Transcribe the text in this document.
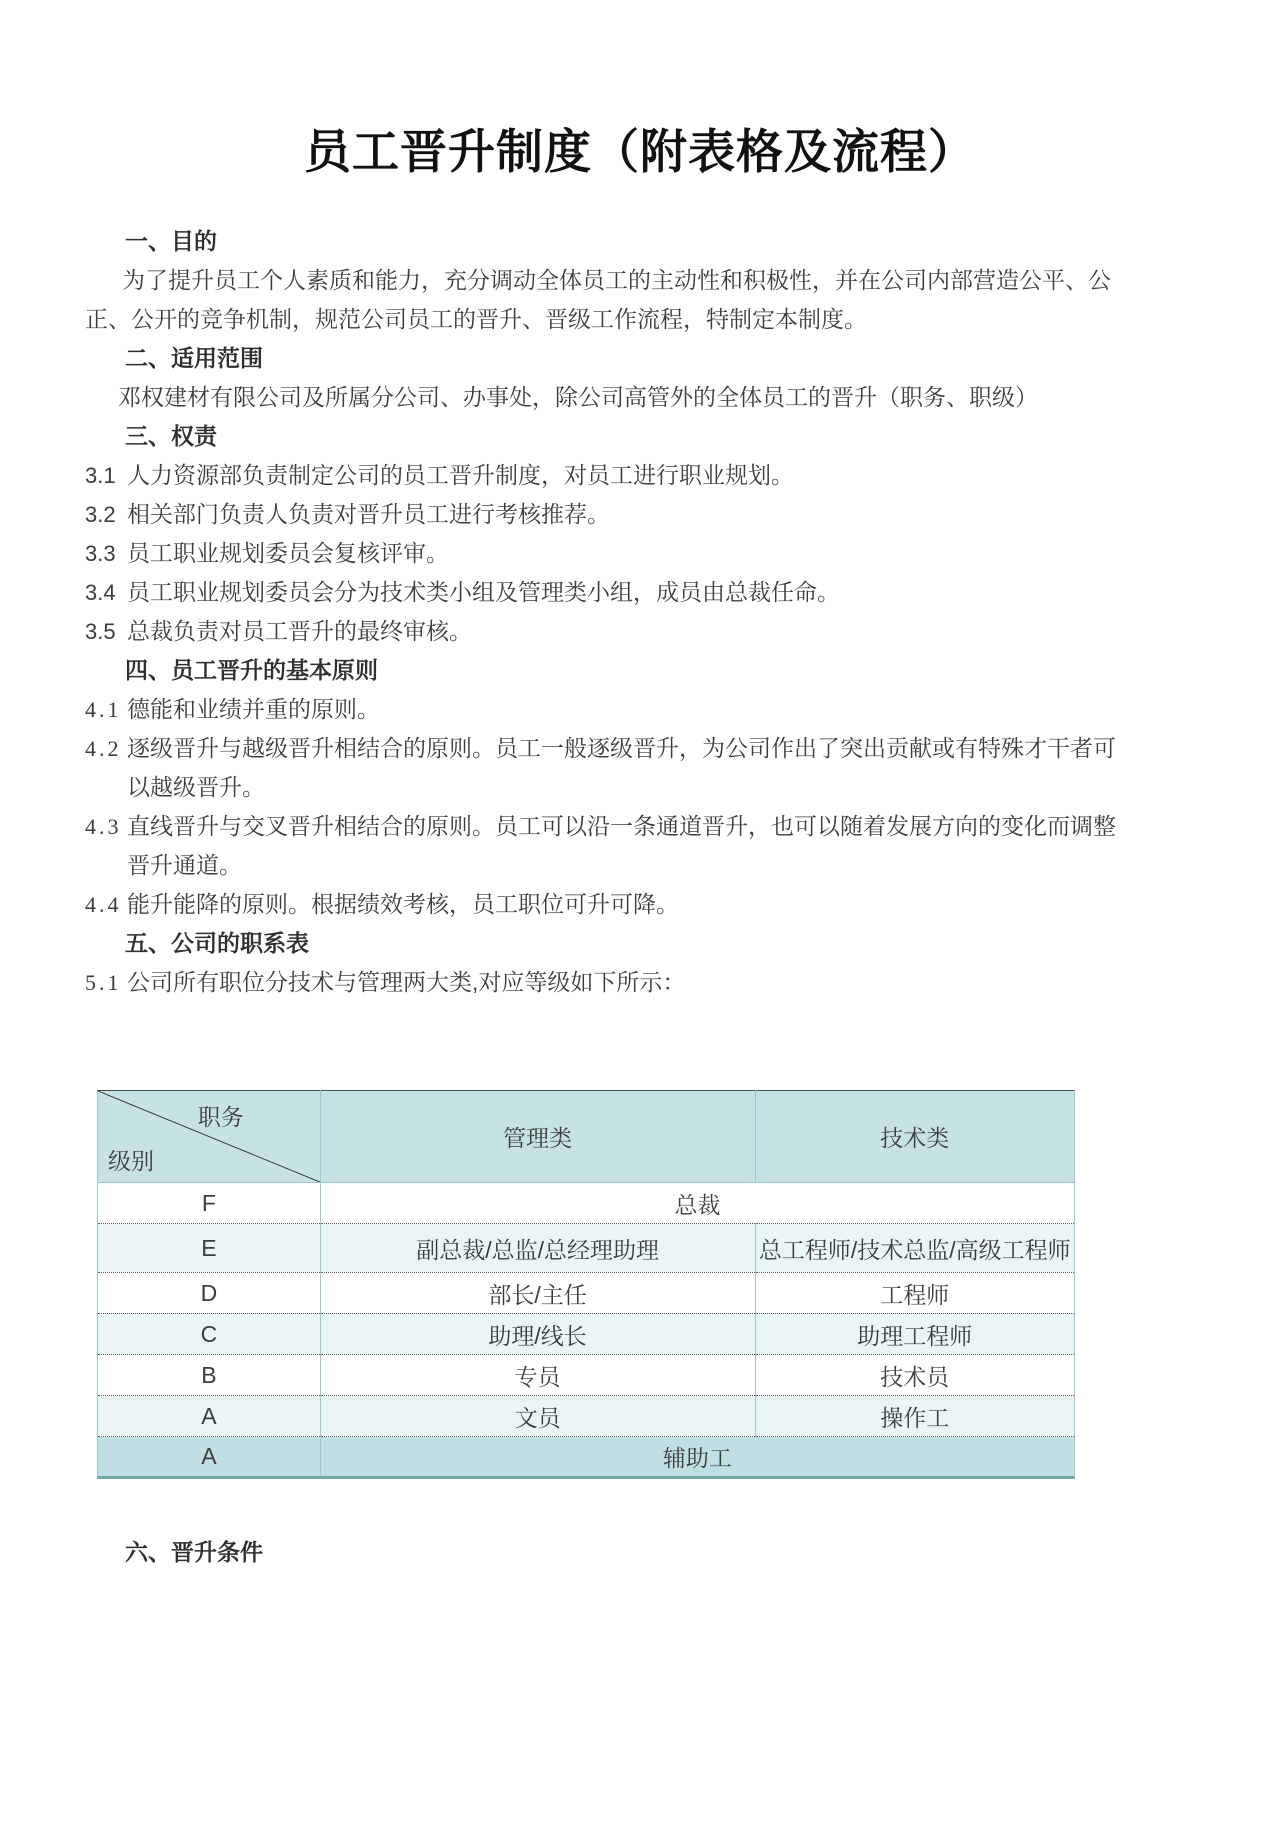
员工晋升制度（附表格及流程）
一、目的

为了提升员工个人素质和能力，充分调动全体员工的主动性和积极性，并在公司内部营造公平、公

正、公开的竞争机制，规范公司员工的晋升、晋级工作流程，特制定本制度。

二、适用范围

邓权建材有限公司及所属分公司、办事处，除公司高管外的全体员工的晋升（职务、职级）

三、权责
3.1 人力资源部负责制定公司的员工晋升制度，对员工进行职业规划。
3.2 相关部门负责人负责对晋升员工进行考核推荐。
3.3 员工职业规划委员会复核评审。
3.4 员工职业规划委员会分为技术类小组及管理类小组，成员由总裁任命。
3.5 总裁负责对员工晋升的最终审核。
四、员工晋升的基本原则
4.1 德能和业绩并重的原则。
4.2 逐级晋升与越级晋升相结合的原则。员工一般逐级晋升，为公司作出了突出贡献或有特殊才干者可
以越级晋升。
4.3 直线晋升与交叉晋升相结合的原则。员工可以沿一条通道晋升，也可以随着发展方向的变化而调整
晋升通道。
4.4 能升能降的原则。根据绩效考核，员工职位可升可降。
五、公司的职系表
5.1 公司所有职位分技术与管理两大类,对应等级如下所示：
职务
级别	管理类	技术类
F	总裁	
E	副总裁/总监/总经理助理	总工程师/技术总监/高级工程师
D	部长/主任	工程师
C	助理/线长	助理工程师
B	专员	技术员
A	文员	操作工
A	辅助工	
六、晋升条件
